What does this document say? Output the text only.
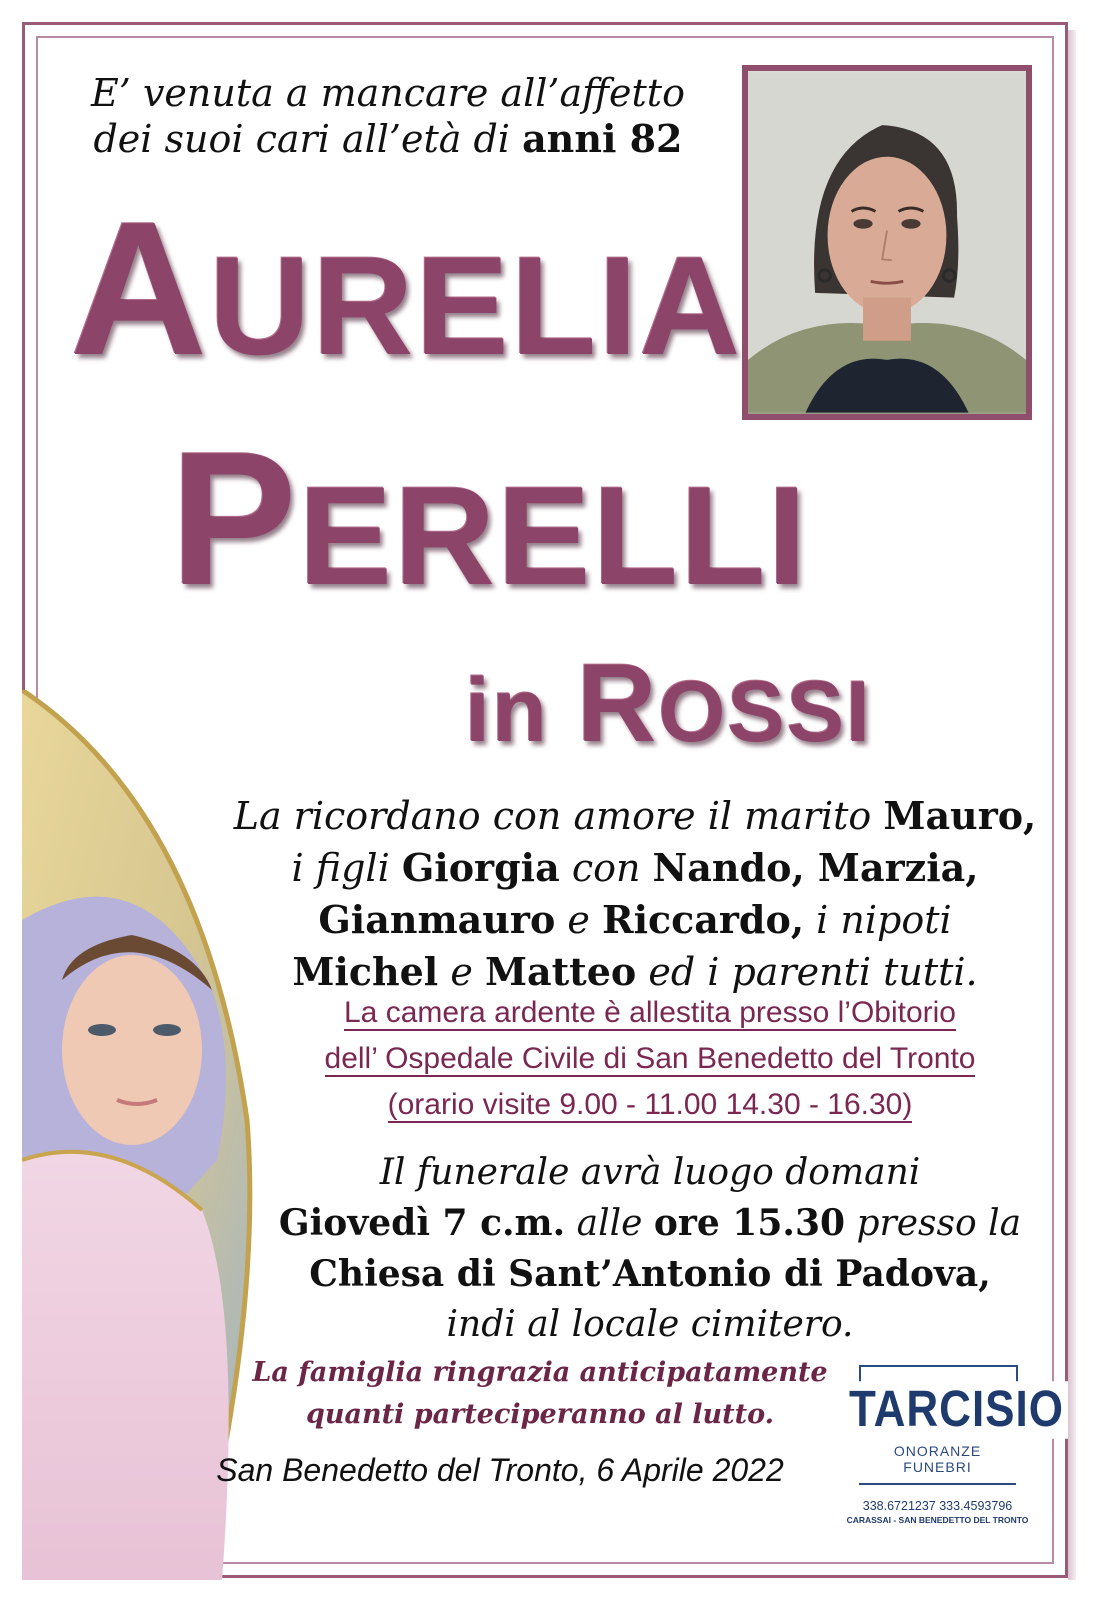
E’ venuta a mancare all’affetto
dei suoi cari all’età di anni 82
AURELIA
PERELLI
in ROSSI
La ricordano con amore il marito Mauro,
i figli Giorgia con Nando, Marzia,
Gianmauro e Riccardo, i nipoti
Michel e Matteo ed i parenti tutti.
La camera ardente è allestita presso l’Obitorio
dell’ Ospedale Civile di San Benedetto del Tronto
(orario visite 9.00 - 11.00 14.30 - 16.30)
Il funerale avrà luogo domani
Giovedì 7 c.m. alle ore 15.30 presso la
Chiesa di Sant’Antonio di Padova,
indi al locale cimitero.
La famiglia ringrazia anticipatamente
quanti parteciperanno al lutto.
San Benedetto del Tronto, 6 Aprile 2022
TARCISIO
ONORANZE FUNEBRI
338.6721237 333.4593796
CARASSAI - SAN BENEDETTO DEL TRONTO
